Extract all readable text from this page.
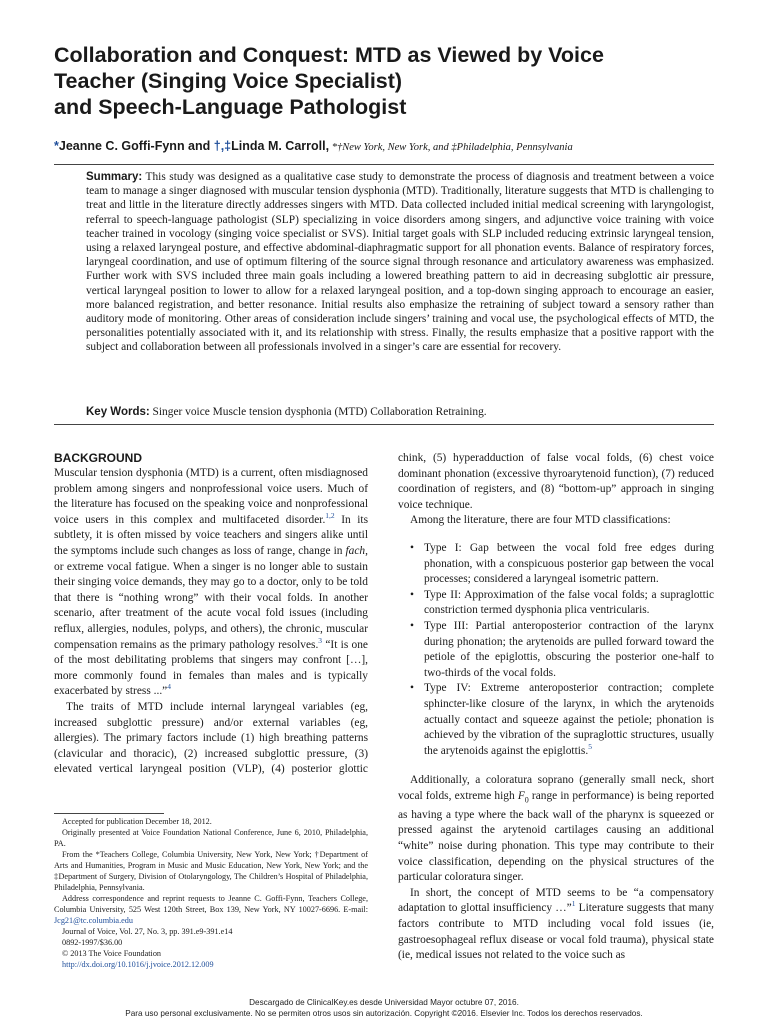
Collaboration and Conquest: MTD as Viewed by Voice
Teacher (Singing Voice Specialist)
and Speech-Language Pathologist
*Jeanne C. Goffi-Fynn and †,‡Linda M. Carroll, *†New York, New York, and ‡Philadelphia, Pennsylvania
Summary: This study was designed as a qualitative case study to demonstrate the process of diagnosis and treatment between a voice team to manage a singer diagnosed with muscular tension dysphonia (MTD). Traditionally, literature suggests that MTD is challenging to treat and little in the literature directly addresses singers with MTD. Data collected included initial medical screening with laryngologist, referral to speech-language pathologist (SLP) specializing in voice disorders among singers, and adjunctive voice training with voice teacher trained in vocology (singing voice specialist or SVS). Initial target goals with SLP included reducing extrinsic laryngeal tension, using a relaxed laryngeal posture, and effective abdominal-diaphragmatic support for all phonation events. Balance of respiratory forces, laryngeal coordination, and use of optimum filtering of the source signal through resonance and articulatory awareness was emphasized. Further work with SVS included three main goals including a lowered breathing pattern to aid in decreasing subglottic air pressure, vertical laryngeal position to lower to allow for a relaxed laryngeal position, and a top-down singing approach to encourage an easier, more balanced registration, and better resonance. Initial results also emphasize the retraining of subject toward a sensory rather than auditory mode of monitoring. Other areas of consideration include singers’ training and vocal use, the psychological effects of MTD, the personalities potentially associated with it, and its relationship with stress. Finally, the results emphasize that a positive rapport with the subject and collaboration between all professionals involved in a singer’s care are essential for recovery.
Key Words: Singer voice Muscle tension dysphonia (MTD) Collaboration Retraining.
BACKGROUND

Muscular tension dysphonia (MTD) is a current, often misdiagnosed problem among singers and nonprofessional voice users. Much of the literature has focused on the speaking voice and nonprofessional voice users in this complex and multifaceted disorder.$^{1,2}$ In its subtlety, it is often missed by voice teachers and singers alike until the symptoms include such changes as loss of range, change in fach, or extreme vocal fatigue. When a singer is no longer able to sustain their singing voice demands, they may go to a doctor, only to be told that there is “nothing wrong” with their vocal folds. In another scenario, after treatment of the acute vocal fold issues (including reflux, allergies, nodules, polyps, and others), the chronic, muscular compensation remains as the primary pathology resolves.$^3$ “It is one of the most debilitating problems that singers may confront […], more commonly found in females than males and is typically exacerbated by stress ...”$^4$

The traits of MTD include internal laryngeal variables (eg, increased subglottic pressure) and/or external variables (eg, allergies). The primary factors include (1) high breathing patterns (clavicular and thoracic), (2) increased subglottic pressure, (3) elevated vertical laryngeal position (VLP), (4) posterior glottic

chink, (5) hyperadduction of false vocal folds, (6) chest voice dominant phonation (excessive thyroarytenoid function), (7) reduced coordination of registers, and (8) “bottom-up” approach in singing voice technique.

Among the literature, there are four MTD classifications:

• Type I: Gap between the vocal fold free edges during phonation, with a conspicuous posterior gap between the vocal processes; considered a laryngeal isometric pattern.
• Type II: Approximation of the false vocal folds; a supraglottic constriction termed dysphonia plica ventricularis.
• Type III: Partial anteroposterior contraction of the larynx during phonation; the arytenoids are pulled forward toward the petiole of the epiglottis, obscuring the posterior one-half to two-thirds of the vocal folds.
• Type IV: Extreme anteroposterior contraction; complete sphincter-like closure of the larynx, in which the arytenoids actually contact and squeeze against the petiole; phonation is achieved by the vibration of the supraglottic structures, usually the arytenoids against the epiglottis.$^5$

Additionally, a coloratura soprano (generally small neck, short vocal folds, extreme high $F_0$ range in performance) is being reported as having a type where the back wall of the pharynx is squeezed or pressed against the arytenoid cartilages causing an additional “white” noise during phonation. This type may contribute to their voice classification, depending on the physical structures of the particular coloratura singer.

In short, the concept of MTD seems to be “a compensatory adaptation to glottal insufficiency …”$^1$ Literature suggests that many factors contribute to MTD including vocal fold issues (ie, gastroesophageal reflux disease or vocal fold trauma), physical state (ie, medical issues not related to the voice such as

Accepted for publication December 18, 2012.

Originally presented at Voice Foundation National Conference, June 6, 2010, Philadelphia, PA.

From the *Teachers College, Columbia University, New York, New York; †Department of Arts and Humanities, Program in Music and Music Education, New York, New York; and the ‡Department of Surgery, Division of Otolaryngology, The Children’s Hospital of Philadelphia, Philadelphia, Pennsylvania.

Address correspondence and reprint requests to Jeanne C. Goffi-Fynn, Teachers College, Columbia University, 525 West 120th Street, Box 139, New York, NY 10027-6696. E-mail: Jcg21@tc.columbia.edu

Journal of Voice, Vol. 27, No. 3, pp. 391.e9-391.e14

0892-1997/$36.00

© 2013 The Voice Foundation

http://dx.doi.org/10.1016/j.jvoice.2012.12.009

Descargado de ClinicalKey.es desde Universidad Mayor octubre 07, 2016.
Para uso personal exclusivamente. No se permiten otros usos sin autorización. Copyright ©2016. Elsevier Inc. Todos los derechos reservados.
